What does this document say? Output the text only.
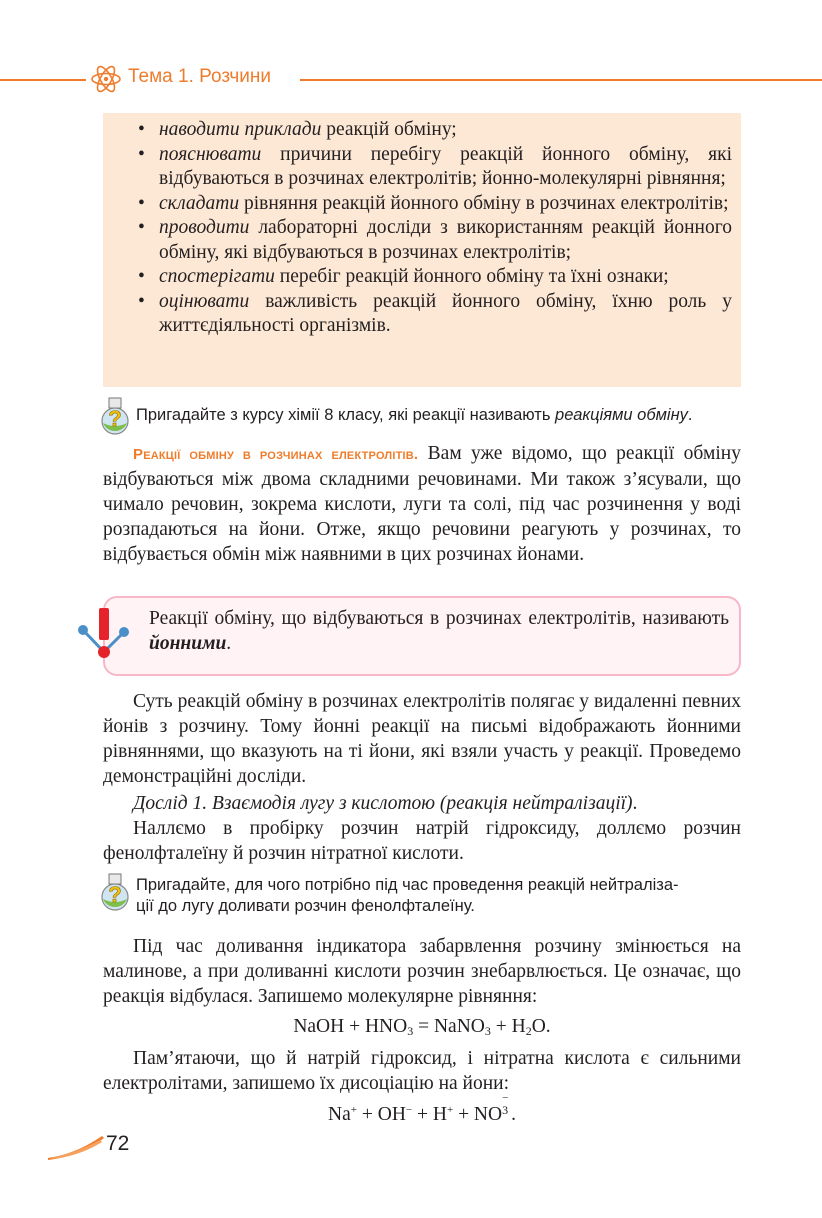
Тема 1. Розчини
• наводити приклади реакцій обміну;
• пояснювати причини перебігу реакцій йонного обміну, які відбуваються в розчинах електролітів; йонно-молекулярні рівняння;
• складати рівняння реакцій йонного обміну в розчинах електролітів;
• проводити лабораторні досліди з використанням реакцій йонного обміну, які відбуваються в розчинах електролітів;
• спостерігати перебіг реакцій йонного обміну та їхні ознаки;
• оцінювати важливість реакцій йонного обміну, їхню роль у життєдіяльності організмів.
? Пригадайте з курсу хімії 8 класу, які реакції називають реакціями обміну.
Реакції обміну в розчинах електролітів. Вам уже відомо, що реакції обміну відбуваються між двома складними речовинами. Ми також з’ясували, що чимало речовин, зокрема кислоти, луги та солі, під час розчинення у воді розпадаються на йони. Отже, якщо речовини реагують у розчинах, то відбувається обмін між наявними в цих розчинах йонами.
Реакції обміну, що відбуваються в розчинах електролітів, називають йонними.
Суть реакцій обміну в розчинах електролітів полягає у видаленні певних йонів з розчину. Тому йонні реакції на письмі відображають йонними рівняннями, що вказують на ті йони, які взяли участь у реакції. Проведемо демонстраційні досліди.
Дослід 1. Взаємодія лугу з кислотою (реакція нейтралізації).
Наллємо в пробірку розчин натрій гідроксиду, доллємо розчин фенолфталеїну й розчин нітратної кислоти.
? Пригадайте, для чого потрібно під час проведення реакцій нейтраліза-
ції до лугу доливати розчин фенолфталеїну.
Під час доливання індикатора забарвлення розчину змінюється на малинове, а при доливанні кислоти розчин знебарвлюється. Це означає, що реакція відбулася. Запишемо молекулярне рівняння:
NaOH + $HNO_3$ = NaNO$_3$ + $H_2O$.
Пам’ятаючи, що й натрій гідроксид, і нітратна кислота є сильними електролітами, запишемо їх дисоціацію на йони:
Na+ + OH− + H+ + NO
−
3 .
72
